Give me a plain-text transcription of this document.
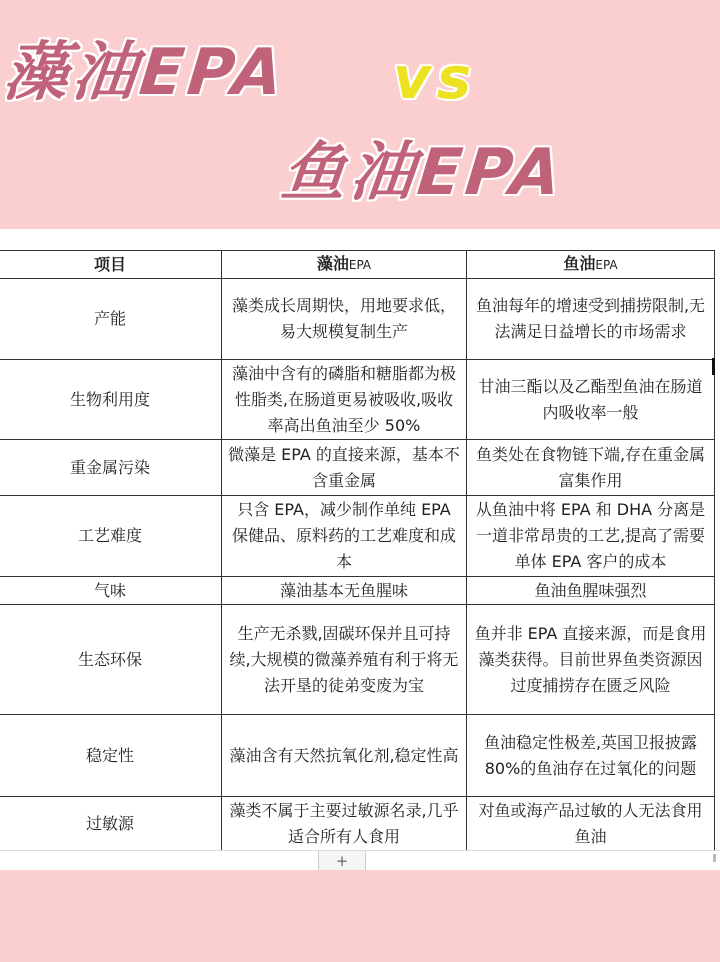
藻油EPA vs
鱼油EPA
项目	藻油EPA	鱼油EPA
产能	藻类成长周期快，用地要求低，易大规模复制生产	鱼油每年的增速受到捕捞限制,无法满足日益增长的市场需求
生物利用度	藻油中含有的磷脂和糖脂都为极性脂类,在肠道更易被吸收,吸收率高出鱼油至少 50%	甘油三酯以及乙酯型鱼油在肠道内吸收率一般
重金属污染	微藻是 EPA 的直接来源，基本不含重金属	鱼类处在食物链下端,存在重金属富集作用
工艺难度	只含 EPA，减少制作单纯 EPA 保健品、原料药的工艺难度和成本	从鱼油中将 EPA 和 DHA 分离是一道非常昂贵的工艺,提高了需要单体 EPA 客户的成本
气味	藻油基本无鱼腥味	鱼油鱼腥味强烈
生态环保	生产无杀戮,固碳环保并且可持续,大规模的微藻养殖有利于将无法开垦的徒弟变废为宝	鱼并非 EPA 直接来源，而是食用藻类获得。目前世界鱼类资源因过度捕捞存在匮乏风险
稳定性	藻油含有天然抗氧化剂,稳定性高	鱼油稳定性极差,英国卫报披露 80%的鱼油存在过氧化的问题
过敏源	藻类不属于主要过敏源名录,几乎适合所有人食用	对鱼或海产品过敏的人无法食用鱼油
+
